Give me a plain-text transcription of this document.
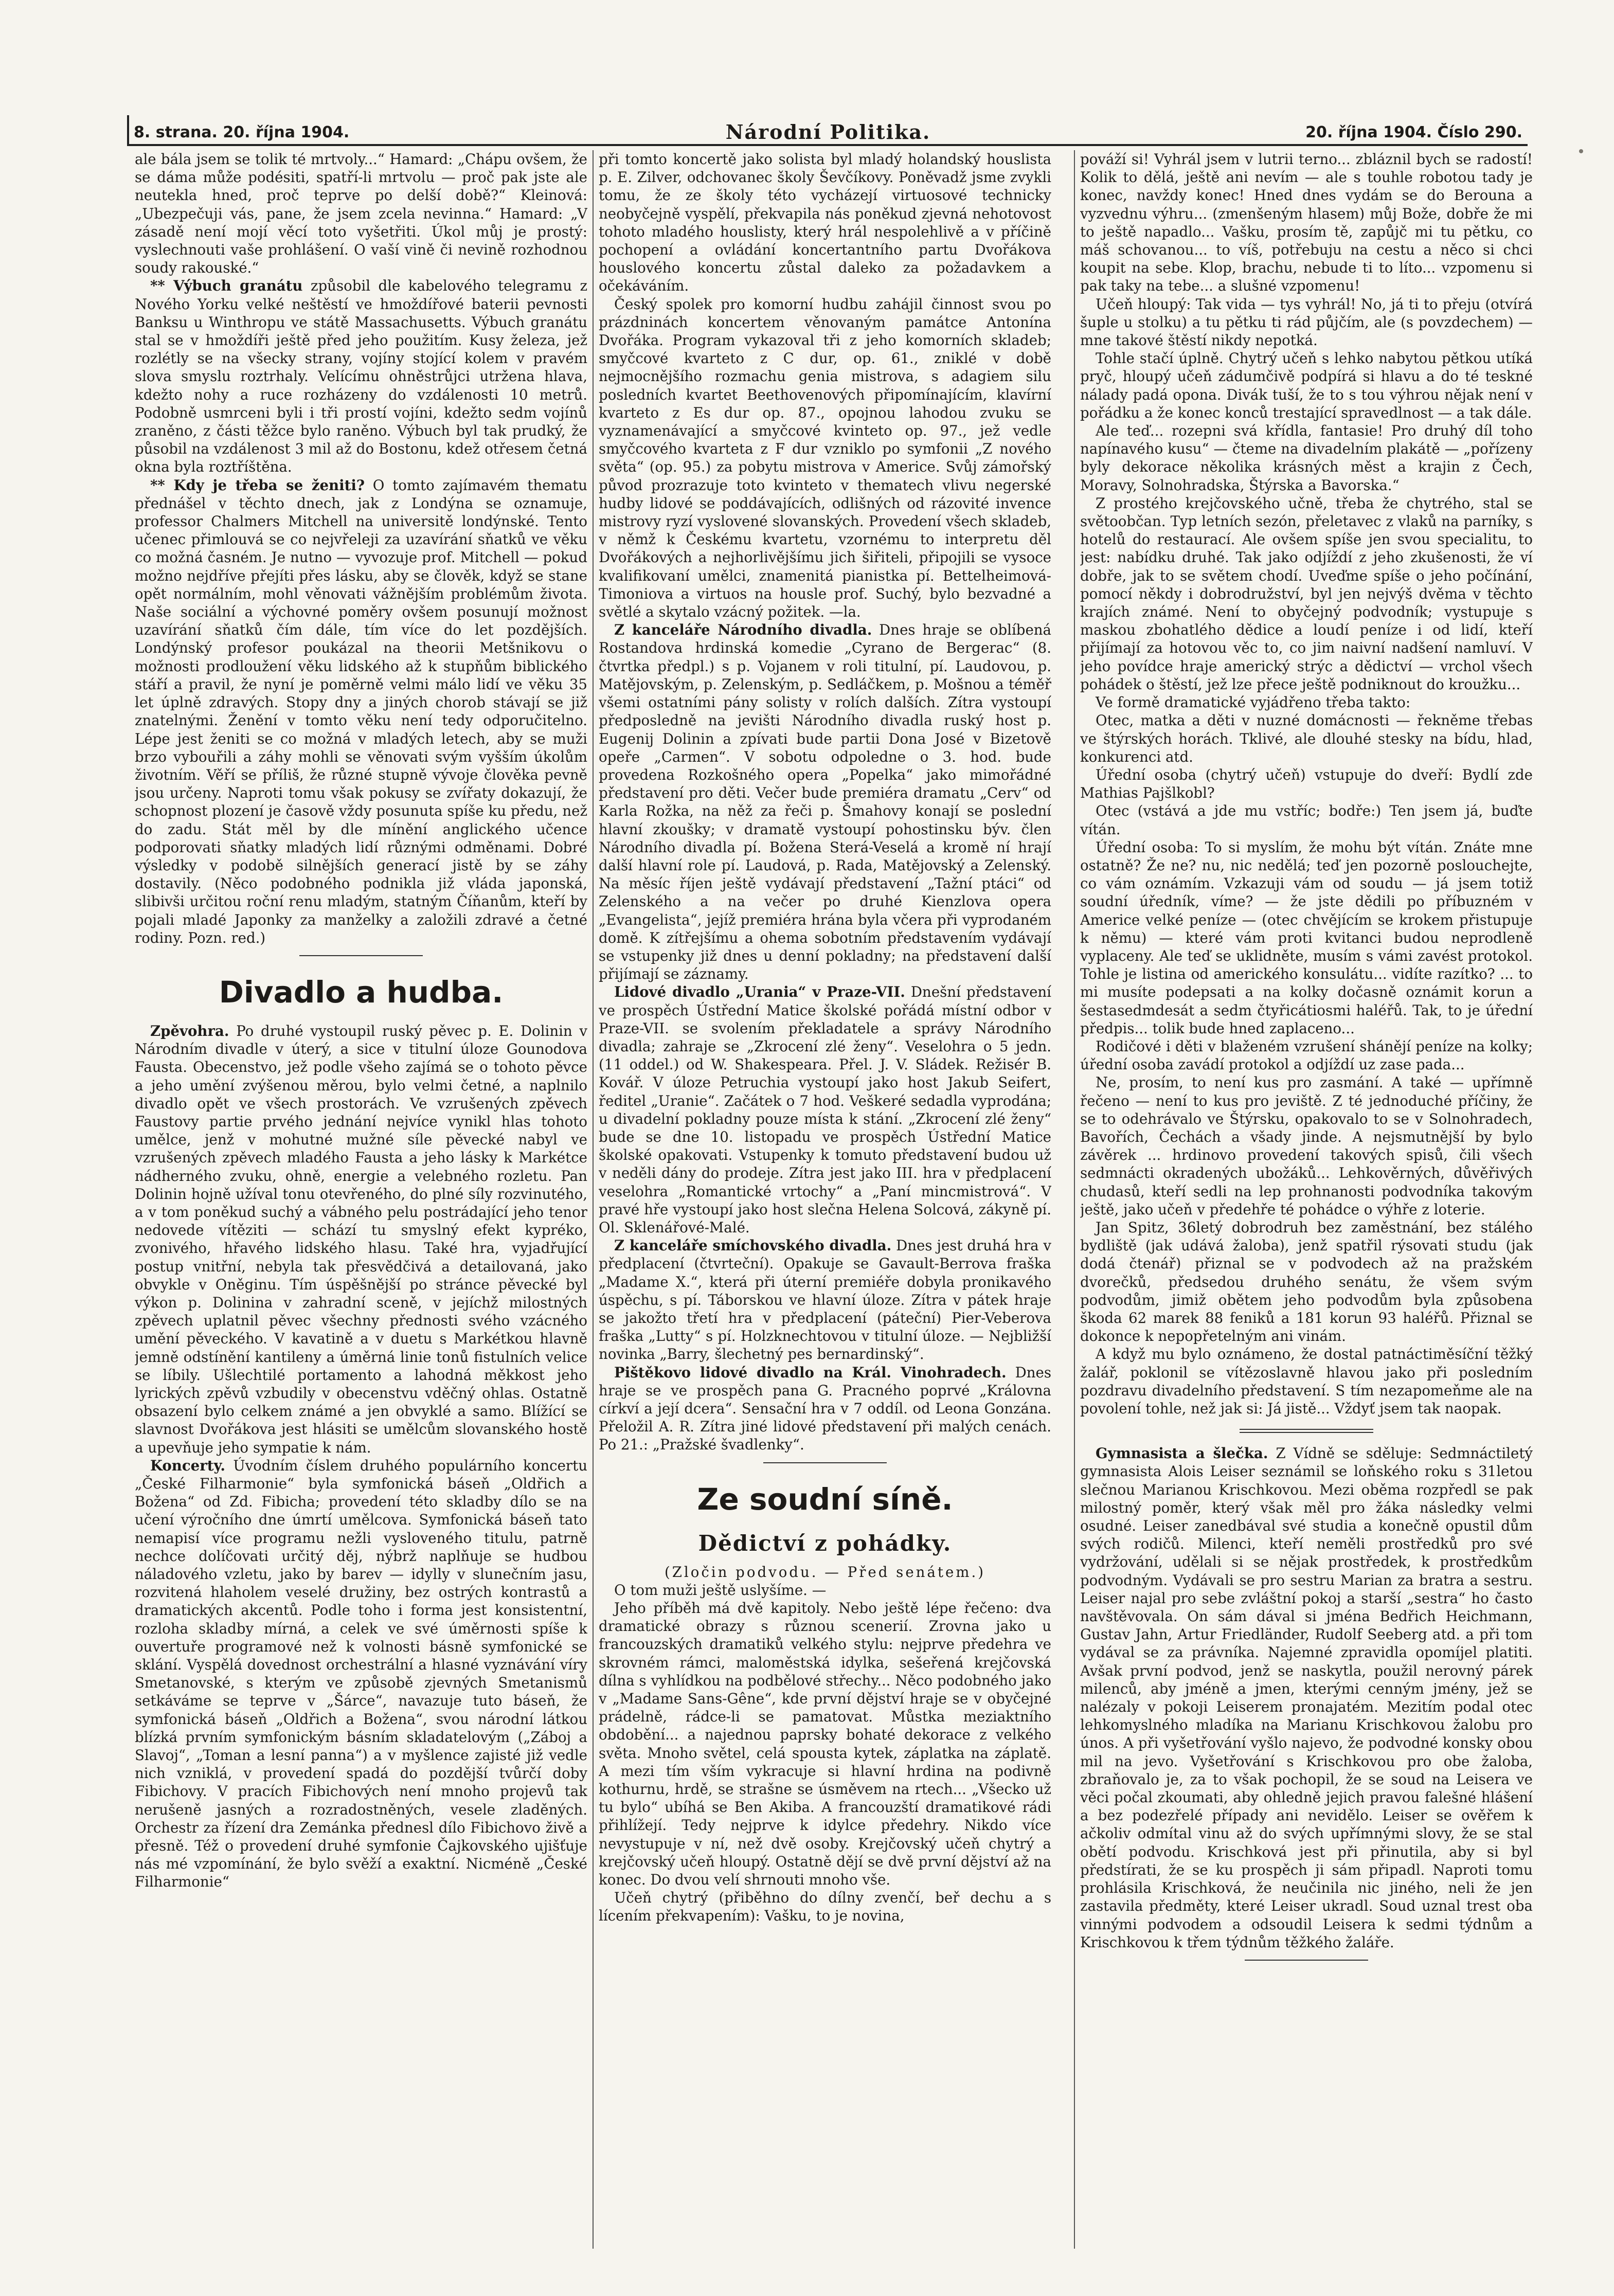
8. strana. 20. října 1904.	Národní Politika.	20. října 1904. Číslo 290.

ale bála jsem se tolik té mrtvoly...“ Hamard: „Chápu ovšem, že se dáma může podésiti, spatří-li mrtvolu — proč pak jste ale neutekla hned, proč teprve po delší době?“ Kleinová: „Ubezpečuji vás, pane, že jsem zcela nevinna.“ Hamard: „V zásadě není mojí věcí toto vyšetřiti. Úkol můj je prostý: vyslechnouti vaše prohlášení. O vaší vině či nevině rozhodnou soudy rakouské.“

** Výbuch granátu způsobil dle kabelového telegramu z Nového Yorku velké neštěstí ve hmoždířové baterii pevnosti Banksu u Winthropu ve státě Massachusetts. Výbuch granátu stal se v hmoždíři ještě před jeho použitím. Kusy železa, jež rozlétly se na všecky strany, vojíny stojící kolem v pravém slova smyslu roztrhaly. Velícímu ohněstrůjci utržena hlava, kdežto nohy a ruce rozházeny do vzdálenosti 10 metrů. Podobně usmrceni byli i tři prostí vojíni, kdežto sedm vojínů zraněno, z části těžce bylo raněno. Výbuch byl tak prudký, že působil na vzdálenost 3 mil až do Bostonu, kdež otřesem četná okna byla roztříštěna.

** Kdy je třeba se ženiti? O tomto zajímavém thematu přednášel v těchto dnech, jak z Londýna se oznamuje, professor Chalmers Mitchell na universitě londýnské. Tento učenec přimlouvá se co nejvřeleji za uzavírání sňatků ve věku co možná časném. Je nutno — vyvozuje prof. Mitchell — pokud možno nejdříve přejíti přes lásku, aby se člověk, když se stane opět normálním, mohl věnovati vážnějším problémům života. Naše sociální a výchovné poměry ovšem posunují možnost uzavírání sňatků čím dále, tím více do let pozdějších. Londýnský profesor poukázal na theorii Metšnikovu o možnosti prodloužení věku lidského až k stupňům biblického stáří a pravil, že nyní je poměrně velmi málo lidí ve věku 35 let úplně zdravých. Stopy dny a jiných chorob stávají se již znatelnými. Ženění v tomto věku není tedy odporučitelno. Lépe jest ženiti se co možná v mladých letech, aby se muži brzo vybouřili a záhy mohli se věnovati svým vyšším úkolům životním. Věří se příliš, že různé stupně vývoje člověka pevně jsou určeny. Naproti tomu však pokusy se zvířaty dokazují, že schopnost plození je časově vždy posunuta spíše ku předu, než do zadu. Stát měl by dle mínění anglického učence podporovati sňatky mladých lidí různými odměnami. Dobré výsledky v podobě silnějších generací jistě by se záhy dostavily. (Něco podobného podnikla již vláda japonská, slibivši určitou roční renu mladým, statným Číňanům, kteří by pojali mladé Japonky za manželky a založili zdravé a četné rodiny. Pozn. red.)

Divadlo a hudba.

Zpěvohra. Po druhé vystoupil ruský pěvec p. E. Dolinin v Národním divadle v úterý, a sice v titulní úloze Gounodova Fausta. Obecenstvo, jež podle všeho zajímá se o tohoto pěvce a jeho umění zvýšenou měrou, bylo velmi četné, a naplnilo divadlo opět ve všech prostorách. Ve vzrušených zpěvech Faustovy partie prvého jednání nejvíce vynikl hlas tohoto umělce, jenž v mohutné mužné síle pěvecké nabyl ve vzrušených zpěvech mladého Fausta a jeho lásky k Markétce nádherného zvuku, ohně, energie a velebného rozletu. Pan Dolinin hojně užíval tonu otevřeného, do plné síly rozvinutého, a v tom poněkud suchý a vábného pelu postrádající jeho tenor nedovede vítěziti — schází tu smyslný efekt kypréko, zvonivého, hřavého lidského hlasu. Také hra, vyjadřující postup vnitřní, nebyla tak přesvědčivá a detailovaná, jako obvykle v Oněginu. Tím úspěšnější po stránce pěvecké byl výkon p. Dolinina v zahradní sceně, v jejíchž milostných zpěvech uplatnil pěvec všechny přednosti svého vzácného umění pěveckého. V kavatině a v duetu s Markétkou hlavně jemně odstínění kantileny a úměrná linie tonů fistulních velice se líbily. Ušlechtilé portamento a lahodná měkkost jeho lyrických zpěvů vzbudily v obecenstvu vděčný ohlas. Ostatně obsazení bylo celkem známé a jen obvyklé a samo. Blížící se slavnost Dvořákova jest hlásiti se umělcům slovanského hostě a upevňuje jeho sympatie k nám.

Koncerty. Úvodním číslem druhého populárního koncertu „České Filharmonie“ byla symfonická báseň „Oldřich a Božena“ od Zd. Fibicha; provedení této skladby dílo se na učení výročního dne úmrtí umělcova. Symfonická báseň tato nemapisí více programu nežli vysloveného titulu, patrně nechce dolíčovati určitý děj, nýbrž naplňuje se hudbou náladového vzletu, jako by barev — idylly v slunečním jasu, rozvitená hlaholem veselé družiny, bez ostrých kontrastů a dramatických akcentů. Podle toho i forma jest konsistentní, rozloha skladby mírná, a celek ve své úměrnosti spíše k ouvertuře programové než k volnosti básně symfonické se sklání. Vyspělá dovednost orchestrální a hlasné vyznávání víry Smetanovské, s kterým ve způsobě zjevných Smetanismů setkáváme se teprve v „Šárce“, navazuje tuto báseň, že symfonická báseň „Oldřich a Božena“, svou národní látkou blízká prvním symfonickým básním skladatelovým („Záboj a Slavoj“, „Toman a lesní panna“) a v myšlence zajisté již vedle nich vzniklá, v provedení spadá do pozdější tvůrčí doby Fibichovy. V pracích Fibichových není mnoho projevů tak nerušeně jasných a rozradostněných, vesele zladěných. Orchestr za řízení dra Zemánka přednesl dílo Fibichovo živě a přesně. Též o provedení druhé symfonie Čajkovského ujišťuje nás mé vzpomínání, že bylo svěží a exaktní. Nicméně „České Filharmonie“

při tomto koncertě jako solista byl mladý holandský houslista p. E. Zilver, odchovanec školy Ševčíkovy. Poněvadž jsme zvykli tomu, že ze školy této vycházejí virtuosové technicky neobyčejně vyspělí, překvapila nás poněkud zjevná nehotovost tohoto mladého houslisty, který hrál nespolehlivě a v příčině pochopení a ovládání koncertantního partu Dvořákova houslového koncertu zůstal daleko za požadavkem a očekáváním.

Český spolek pro komorní hudbu zahájil činnost svou po prázdninách koncertem věnovaným památce Antonína Dvořáka. Program vykazoval tři z jeho komorních skladeb; smyčcové kvarteto z C dur, op. 61., zniklé v době nejmocnějšího rozmachu genia mistrova, s adagiem silu posledních kvartet Beethovenových připomínajícím, klavírní kvarteto z Es dur op. 87., opojnou lahodou zvuku se vyznamenávající a smyčcové kvinteto op. 97., jež vedle smyčcového kvarteta z F dur vzniklo po symfonii „Z nového světa“ (op. 95.) za pobytu mistrova v Americe. Svůj zámořský původ prozrazuje toto kvinteto v thematech vlivu negerské hudby lidové se poddávajících, odlišných od rázovité invence mistrovy ryzí vyslovené slovanských. Provedení všech skladeb, v němž k Českému kvartetu, vzornému to interpretu děl Dvořákových a nejhorlivějšímu jich šiřiteli, připojili se vysoce kvalifikovaní umělci, znamenitá pianistka pí. Bettelheimová-Timoniova a virtuos na housle prof. Suchý, bylo bezvadné a světlé a skytalo vzácný požitek. —la.

Z kanceláře Národního divadla. Dnes hraje se oblíbená Rostandova hrdinská komedie „Cyrano de Bergerac“ (8. čtvrtka předpl.) s p. Vojanem v roli titulní, pí. Laudovou, p. Matějovským, p. Zelenským, p. Sedláčkem, p. Mošnou a téměř všemi ostatními pány solisty v rolích dalších. Zítra vystoupí předposledně na jevišti Národního divadla ruský host p. Eugenij Dolinin a zpívati bude partii Dona José v Bizetově opeře „Carmen“. V sobotu odpoledne o 3. hod. bude provedena Rozkošného opera „Popelka“ jako mimořádné představení pro děti. Večer bude premiéra dramatu „Cerv“ od Karla Rožka, na něž za řeči p. Šmahovy konají se poslední hlavní zkoušky; v dramatě vystoupí pohostinsku býv. člen Národního divadla pí. Božena Sterá-Veselá a kromě ní hrají další hlavní role pí. Laudová, p. Rada, Matějovský a Zelenský. Na měsíc říjen ještě vydávají představení „Tažní ptáci“ od Zelenského a na večer po druhé Kienzlova opera „Evangelista“, jejíž premiéra hrána byla včera při vyprodaném domě. K zítřejšímu a ohema sobotním představením vydávají se vstupenky již dnes u denní pokladny; na představení další přijímají se záznamy.

Lidové divadlo „Urania“ v Praze-VII. Dnešní představení ve prospěch Ústřední Matice školské pořádá místní odbor v Praze-VII. se svolením překladatele a správy Národního divadla; zahraje se „Zkrocení zlé ženy“. Veselohra o 5 jedn. (11 oddel.) od W. Shakespeara. Přel. J. V. Sládek. Režisér B. Kovář. V úloze Petruchia vystoupí jako host Jakub Seifert, ředitel „Uranie“. Začátek o 7 hod. Veškeré sedadla vyprodána; u divadelní pokladny pouze místa k stání. „Zkrocení zlé ženy“ bude se dne 10. listopadu ve prospěch Ústřední Matice školské opakovati. Vstupenky k tomuto představení budou už v neděli dány do prodeje. Zítra jest jako III. hra v předplacení veselohra „Romantické vrtochy“ a „Paní mincmistrová“. V pravé hře vystoupí jako host slečna Helena Solcová, zákyně pí. Ol. Sklenářové-Malé.

Z kanceláře smíchovského divadla. Dnes jest druhá hra v předplacení (čtvrteční). Opakuje se Gavault-Berrova fraška „Madame X.“, která při úterní premiéře dobyla pronikavého úspěchu, s pí. Táborskou ve hlavní úloze. Zítra v pátek hraje se jakožto třetí hra v předplacení (páteční) Pier-Veberova fraška „Lutty“ s pí. Holzknechtovou v titulní úloze. — Nejbližší novinka „Barry, šlechetný pes bernardinský“.

Pištěkovo lidové divadlo na Král. Vinohradech. Dnes hraje se ve prospěch pana G. Pracného poprvé „Královna církví a její dcera“. Sensační hra v 7 oddíl. od Leona Gonzána. Přeložil A. R. Zítra jiné lidové představení při malých cenách. Po 21.: „Pražské švadlenky“.

Ze soudní síně.
Dědictví z pohádky.

(Zločin podvodu. — Před senátem.)

O tom muži ještě uslyšíme. —

Jeho příběh má dvě kapitoly. Nebo ještě lépe řečeno: dva dramatické obrazy s různou scenerií. Zrovna jako u francouzských dramatiků velkého stylu: nejprve předehra ve skrovném rámci, maloměstská idylka, sešeřená krejčovská dílna s vyhlídkou na podbělové střechy... Něco podobného jako v „Madame Sans-Gêne“, kde první dějství hraje se v obyčejné prádelně, rádce-li se pamatovat. Můstka meziaktního obdobění... a najednou paprsky bohaté dekorace z velkého světa. Mnoho světel, celá spousta kytek, záplatka na záplatě. A mezi tím vším vykracuje si hlavní hrdina na podivně kothurnu, hrdě, se strašne se úsměvem na rtech... „Všecko už tu bylo“ ubíhá se Ben Akiba. A francouzští dramatikové rádi přihlížejí. Tedy nejprve k idylce předehry. Nikdo více nevystupuje v ní, než dvě osoby. Krejčovský učeň chytrý a krejčovský učeň hloupý. Ostatně dějí se dvě první dějství až na konec. Do dvou velí shrnouti mnoho vše.

Učeň chytrý (přiběhno do dílny zvenčí, beř dechu a s lícením překvapením): Vašku, to je novina,

pováží si! Vyhrál jsem v lutrii terno... zbláznil bych se radostí! Kolik to dělá, ještě ani nevím — ale s touhle robotou tady je konec, navždy konec! Hned dnes vydám se do Berouna a vyzvednu výhru... (zmenšeným hlasem) můj Bože, dobře že mi to ještě napadlo... Vašku, prosím tě, zapůjč mi tu pětku, co máš schovanou... to víš, potřebuju na cestu a něco si chci koupit na sebe. Klop, brachu, nebude ti to líto... vzpomenu si pak taky na tebe... a slušné vzpomenu!

Učeň hloupý: Tak vida — tys vyhrál! No, já ti to přeju (otvírá šuple u stolku) a tu pětku ti rád půjčím, ale (s povzdechem) — mne takové štěstí nikdy nepotká.

Tohle stačí úplně. Chytrý učeň s lehko nabytou pětkou utíká pryč, hloupý učeň zádumčivě podpírá si hlavu a do té teskné nálady padá opona. Divák tuší, že to s tou výhrou nějak není v pořádku a že konec konců trestající spravedlnost — a tak dále.

Ale teď... rozepni svá křídla, fantasie! Pro druhý díl toho napínavého kusu“ — čteme na divadelním plakátě — „pořízeny byly dekorace několika krásných měst a krajin z Čech, Moravy, Solnohradska, Štýrska a Bavorska.“

Z prostého krejčovského učně, třeba že chytrého, stal se světoobčan. Typ letních sezón, přeletavec z vlaků na parníky, s hotelů do restaurací. Ale ovšem spíše jen svou specialitu, to jest: nabídku druhé. Tak jako odjíždí z jeho zkušenosti, že ví dobře, jak to se světem chodí. Uveďme spíše o jeho počínání, pomocí někdy i dobrodružství, byl jen nejvýš dvěma v těchto krajích známé. Není to obyčejný podvodník; vystupuje s maskou zbohatlého dědice a loudí peníze i od lidí, kteří přijímají za hotovou věc to, co jim naivní nadšení namluví. V jeho povídce hraje americký strýc a dědictví — vrchol všech pohádek o štěstí, jež lze přece ještě podniknout do kroužku...

Ve formě dramatické vyjádřeno třeba takto:

Otec, matka a děti v nuzné domácnosti — řekněme třebas ve štýrských horách. Tklivé, ale dlouhé stesky na bídu, hlad, konkurenci atd.

Úřední osoba (chytrý učeň) vstupuje do dveří: Bydlí zde Mathias Pajšlkobl?

Otec (vstává a jde mu vstříc; bodře:) Ten jsem já, buďte vítán.

Úřední osoba: To si myslím, že mohu být vítán. Znáte mne ostatně? Že ne? nu, nic nedělá; teď jen pozorně poslouchejte, co vám oznámím. Vzkazuji vám od soudu — já jsem totiž soudní úředník, víme? — že jste dědili po příbuzném v Americe velké peníze — (otec chvějícím se krokem přistupuje k němu) — které vám proti kvitanci budou neprodleně vyplaceny. Ale teď se uklidněte, musím s vámi zavést protokol. Tohle je listina od amerického konsulátu... vidíte razítko? ... to mi musíte podepsati a na kolky dočasně oznámit korun a šestasedmdesát a sedm čtyřicátiosmi haléřů. Tak, to je úřední předpis... tolik bude hned zaplaceno...

Rodičové i děti v blaženém vzrušení shánějí peníze na kolky; úřední osoba zavádí protokol a odjíždí uz zase pada...

Ne, prosím, to není kus pro zasmání. A také — upřímně řečeno — není to kus pro jeviště. Z té jednoduché příčiny, že se to odehrávalo ve Štýrsku, opakovalo to se v Solnohradech, Bavořích, Čechách a všady jinde. A nejsmutnější by bylo závěrek ... hrdinovo provedení takových spisů, čili všech sedmnácti okradených ubožáků... Lehkověrných, důvěřivých chudasů, kteří sedli na lep prohnanosti podvodníka takovým ještě, jako učeň v předehře té pohádce o výhře z loterie.

Jan Spitz, 36letý dobrodruh bez zaměstnání, bez stálého bydliště (jak udává žaloba), jenž spatřil rýsovati studu (jak dodá čtenář) přiznal se v podvodech až na pražském dvorečků, předsedou druhého senátu, že všem svým podvodům, jimiž obětem jeho podvodům byla způsobena škoda 62 marek 88 feniků a 181 korun 93 haléřů. Přiznal se dokonce k nepopřetelným ani vinám.

A když mu bylo oznámeno, že dostal patnáctiměsíční těžký žalář, poklonil se vítězoslavně hlavou jako při posledním pozdravu divadelního představení. S tím nezapomeňme ale na povolení tohle, než jak si: Já jistě... Vždyť jsem tak naopak.

Gymnasista a šlečka. Z Vídně se sděluje: Sedmnáctiletý gymnasista Alois Leiser seznámil se loňského roku s 31letou slečnou Marianou Krischkovou. Mezi oběma rozpředl se pak milostný poměr, který však měl pro žáka následky velmi osudné. Leiser zanedbával své studia a konečně opustil dům svých rodičů. Milenci, kteří neměli prostředků pro své vydržování, udělali si se nějak prostředek, k prostředkům podvodným. Vydávali se pro sestru Marian za bratra a sestru. Leiser najal pro sebe zvláštní pokoj a starší „sestra“ ho často navštěvovala. On sám dával si jména Bedřich Heichmann, Gustav Jahn, Artur Friedländer, Rudolf Seeberg atd. a při tom vydával se za právníka. Najemné zpravidla opomíjel platiti. Avšak první podvod, jenž se naskytla, použil nerovný párek milenců, aby jméně a jmen, kterými cenným jmény, jež se nalézaly v pokoji Leiserem pronajatém. Mezitím podal otec lehkomyslného mladíka na Marianu Krischkovou žalobu pro únos. A při vyšetřování vyšlo najevo, že podvodné konsky obou mil na jevo. Vyšetřování s Krischkovou pro obe žaloba, zbraňovalo je, za to však pochopil, že se soud na Leisera ve věci počal zkoumati, aby ohledně jejich pravou falešné hlášení a bez podezřelé případy ani nevidělo. Leiser se ověřem k ačkoliv odmítal vinu až do svých upřímnými slovy, že se stal obětí podvodu. Krischková jest při přinutila, aby si byl předstírati, že se ku prospěch ji sám připadl. Naproti tomu prohlásila Krischková, že neučinila nic jiného, neli že jen zastavila předměty, které Leiser ukradl. Soud uznal trest oba vinnými podvodem a odsoudil Leisera k sedmi týdnům a Krischkovou k třem týdnům těžkého žaláře.
